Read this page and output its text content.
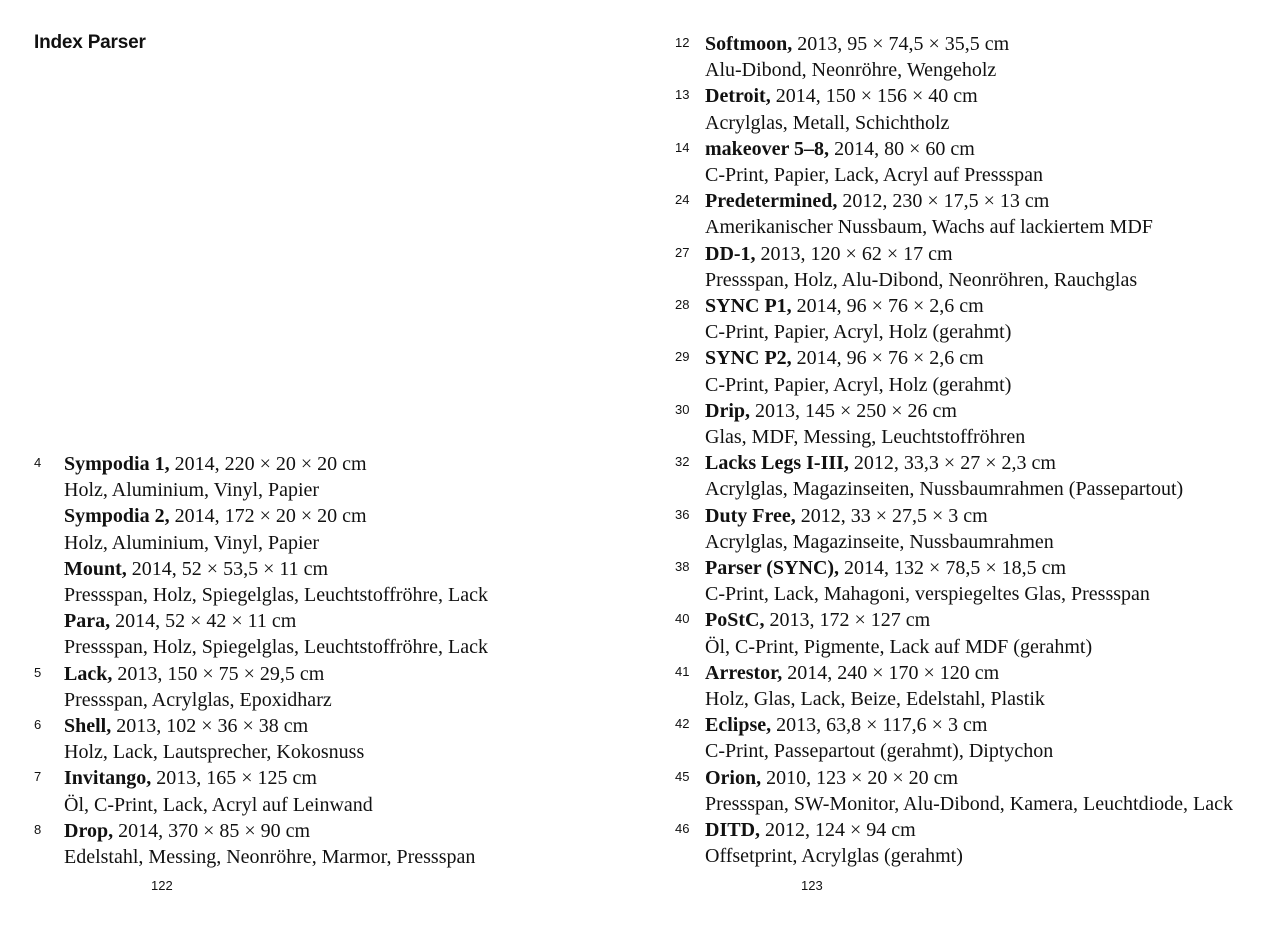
Index Parser
4 Sympodia 1, 2014, 220 × 20 × 20 cm
Holz, Aluminium, Vinyl, Papier
Sympodia 2, 2014, 172 × 20 × 20 cm
Holz, Aluminium, Vinyl, Papier
Mount, 2014, 52 × 53,5 × 11 cm
Pressspan, Holz, Spiegelglas, Leuchtstoffröhre, Lack
Para, 2014, 52 × 42 × 11 cm
Pressspan, Holz, Spiegelglas, Leuchtstoffröhre, Lack
5 Lack, 2013, 150 × 75 × 29,5 cm
Pressspan, Acrylglas, Epoxidharz
6 Shell, 2013, 102 × 36 × 38 cm
Holz, Lack, Lautsprecher, Kokosnuss
7 Invitango, 2013, 165 × 125 cm
Öl, C-Print, Lack, Acryl auf Leinwand
8 Drop, 2014, 370 × 85 × 90 cm
Edelstahl, Messing, Neonröhre, Marmor, Pressspan
12 Softmoon, 2013, 95 × 74,5 × 35,5 cm
Alu-Dibond, Neonröhre, Wengeholz
13 Detroit, 2014, 150 × 156 × 40 cm
Acrylglas, Metall, Schichtholz
14 makeover 5–8, 2014, 80 × 60 cm
C-Print, Papier, Lack, Acryl auf Pressspan
24 Predetermined, 2012, 230 × 17,5 × 13 cm
Amerikanischer Nussbaum, Wachs auf lackiertem MDF
27 DD-1, 2013, 120 × 62 × 17 cm
Pressspan, Holz, Alu-Dibond, Neonröhren, Rauchglas
28 SYNC P1, 2014, 96 × 76 × 2,6 cm
C-Print, Papier, Acryl, Holz (gerahmt)
29 SYNC P2, 2014, 96 × 76 × 2,6 cm
C-Print, Papier, Acryl, Holz (gerahmt)
30 Drip, 2013, 145 × 250 × 26 cm
Glas, MDF, Messing, Leuchtstoffröhren
32 Lacks Legs I-III, 2012, 33,3 × 27 × 2,3 cm
Acrylglas, Magazinseiten, Nussbaumrahmen (Passepartout)
36 Duty Free, 2012, 33 × 27,5 × 3 cm
Acrylglas, Magazinseite, Nussbaumrahmen
38 Parser (SYNC), 2014, 132 × 78,5 × 18,5 cm
C-Print, Lack, Mahagoni, verspiegeltes Glas, Pressspan
40 PoStC, 2013, 172 × 127 cm
Öl, C-Print, Pigmente, Lack auf MDF (gerahmt)
41 Arrestor, 2014, 240 × 170 × 120 cm
Holz, Glas, Lack, Beize, Edelstahl, Plastik
42 Eclipse, 2013, 63,8 × 117,6 × 3 cm
C-Print, Passepartout (gerahmt), Diptychon
45 Orion, 2010, 123 × 20 × 20 cm
Pressspan, SW-Monitor, Alu-Dibond, Kamera, Leuchtdiode, Lack
46 DITD, 2012, 124 × 94 cm
Offsetprint, Acrylglas (gerahmt)
122	123
